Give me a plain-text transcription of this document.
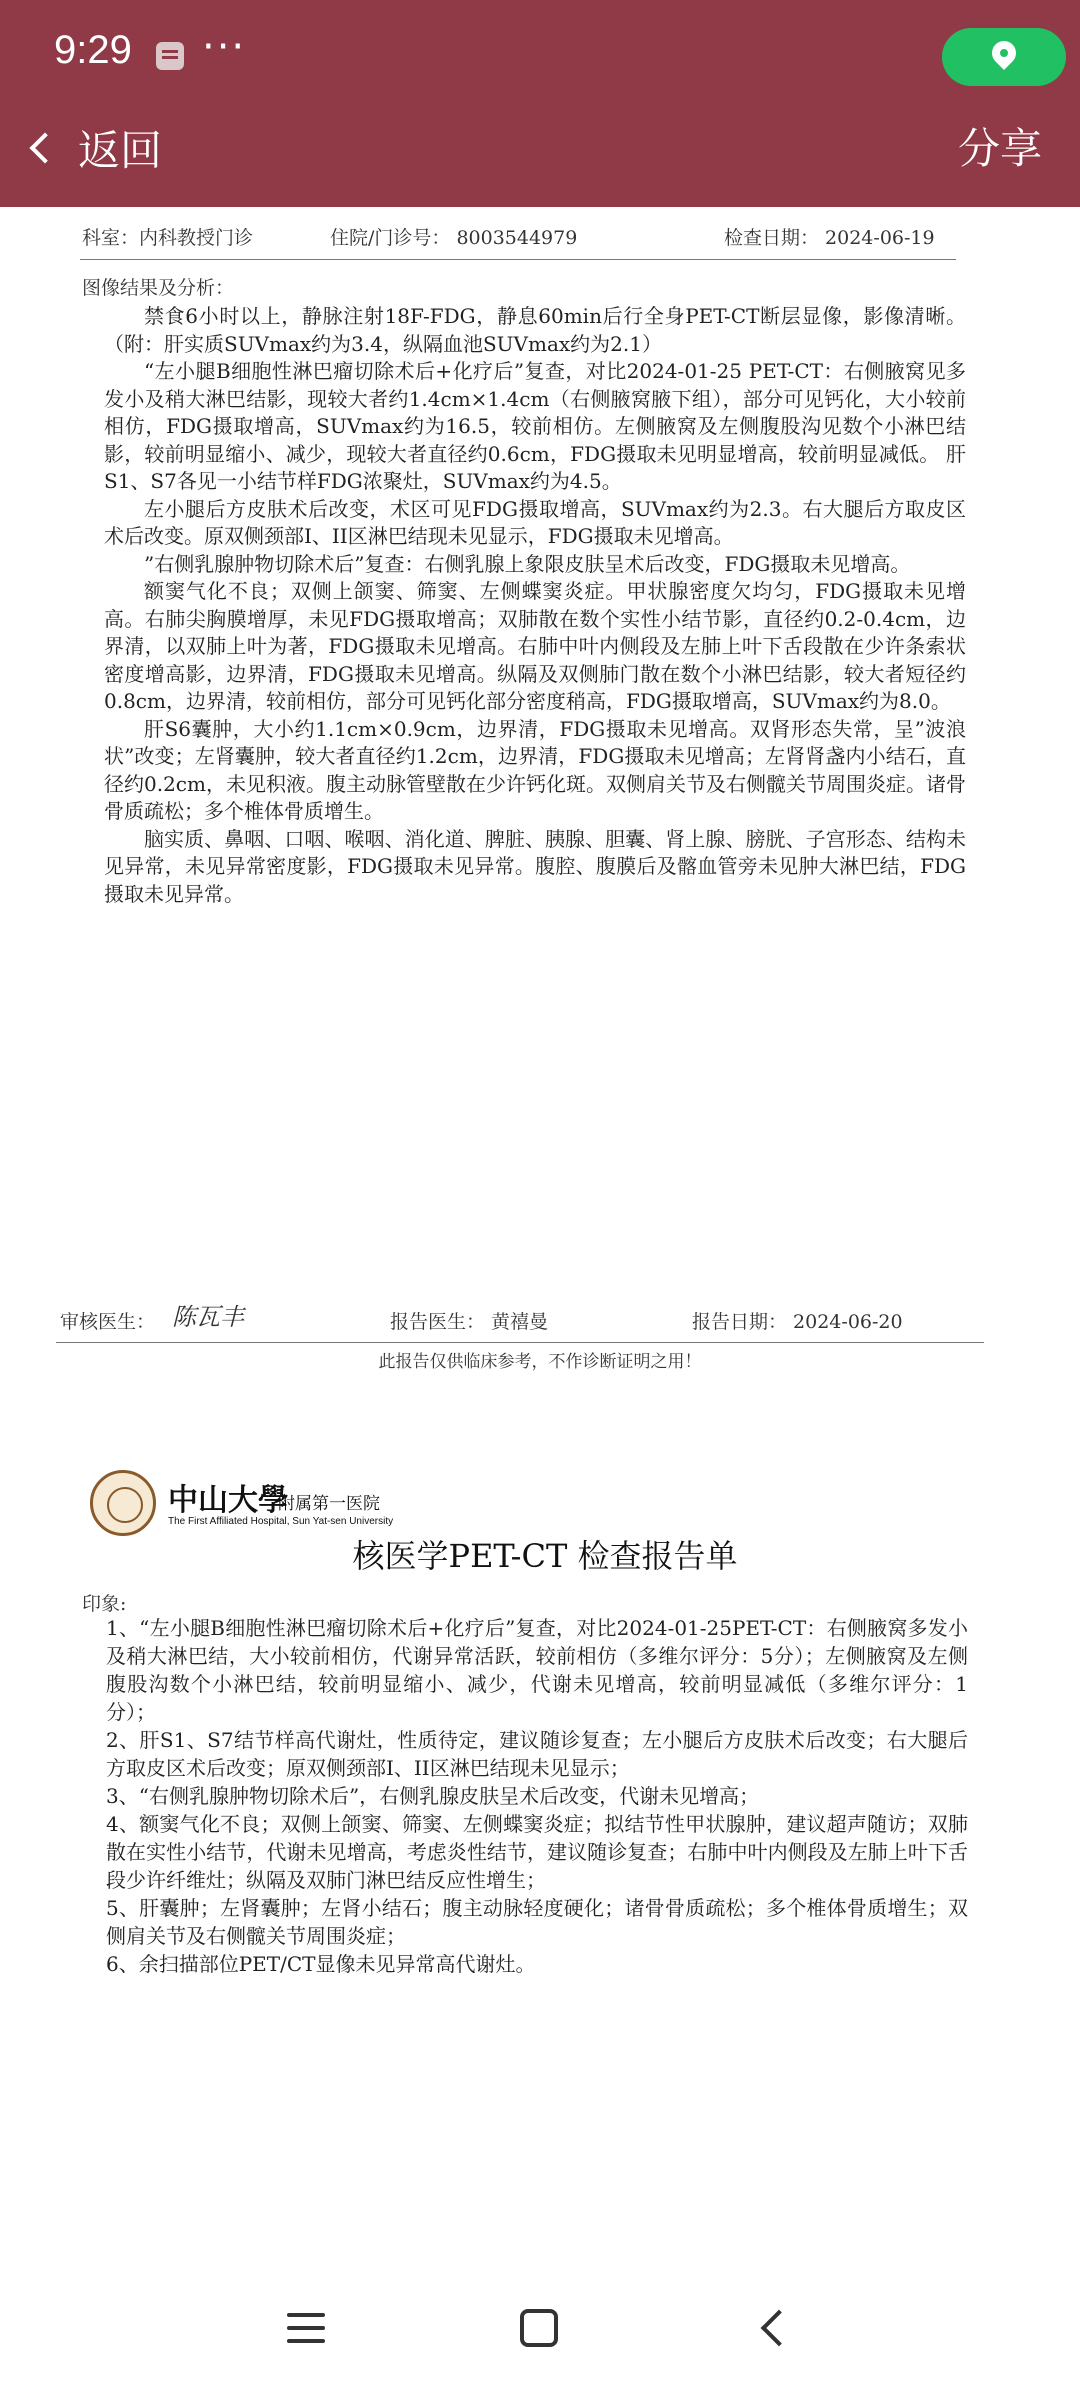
9:29 ···
返回	分享
科室：内科教授门诊	住院/门诊号： 8003544979	检查日期： 2024-06-19
图像结果及分析：

禁食6小时以上，静脉注射18F-FDG，静息60min后行全身PET-CT断层显像，影像清晰。（附：肝实质SUVmax约为3.4，纵隔血池SUVmax约为2.1）

“左小腿B细胞性淋巴瘤切除术后+化疗后”复查，对比2024-01-25 PET-CT：右侧腋窝见多发小及稍大淋巴结影，现较大者约1.4cm×1.4cm（右侧腋窝腋下组），部分可见钙化，大小较前相仿，FDG摄取增高，SUVmax约为16.5，较前相仿。左侧腋窝及左侧腹股沟见数个小淋巴结影，较前明显缩小、减少，现较大者直径约0.6cm，FDG摄取未见明显增高，较前明显减低。 肝S1、S7各见一小结节样FDG浓聚灶，SUVmax约为4.5。

左小腿后方皮肤术后改变，术区可见FDG摄取增高，SUVmax约为2.3。右大腿后方取皮区术后改变。原双侧颈部I、II区淋巴结现未见显示，FDG摄取未见增高。

”右侧乳腺肿物切除术后”复查：右侧乳腺上象限皮肤呈术后改变，FDG摄取未见增高。

额窦气化不良；双侧上颌窦、筛窦、左侧蝶窦炎症。甲状腺密度欠均匀，FDG摄取未见增高。右肺尖胸膜增厚，未见FDG摄取增高；双肺散在数个实性小结节影，直径约0.2-0.4cm，边界清，以双肺上叶为著，FDG摄取未见增高。右肺中叶内侧段及左肺上叶下舌段散在少许条索状密度增高影，边界清，FDG摄取未见增高。纵隔及双侧肺门散在数个小淋巴结影，较大者短径约0.8cm，边界清，较前相仿，部分可见钙化部分密度稍高，FDG摄取增高，SUVmax约为8.0。

肝S6囊肿，大小约1.1cm×0.9cm，边界清，FDG摄取未见增高。双肾形态失常，呈”波浪状”改变；左肾囊肿，较大者直径约1.2cm，边界清，FDG摄取未见增高；左肾肾盏内小结石，直径约0.2cm，未见积液。腹主动脉管壁散在少许钙化斑。双侧肩关节及右侧髋关节周围炎症。诸骨骨质疏松；多个椎体骨质增生。

脑实质、鼻咽、口咽、喉咽、消化道、脾脏、胰腺、胆囊、肾上腺、膀胱、子宫形态、结构未见异常，未见异常密度影，FDG摄取未见异常。腹腔、腹膜后及髂血管旁未见肿大淋巴结，FDG摄取未见异常。

审核医生： 陈瓦丰	报告医生： 黄禧曼	报告日期： 2024-06-20
此报告仅供临床参考，不作诊断证明之用！
中山大學
附属第一医院
The First Affiliated Hospital, Sun Yat-sen University
核医学PET-CT 检查报告单
印象:
1、“左小腿B细胞性淋巴瘤切除术后+化疗后”复查，对比2024-01-25PET-CT：右侧腋窝多发小及稍大淋巴结，大小较前相仿，代谢异常活跃，较前相仿（多维尔评分：5分）；左侧腋窝及左侧腹股沟数个小淋巴结，较前明显缩小、减少，代谢未见增高，较前明显减低（多维尔评分：1分）；
2、肝S1、S7结节样高代谢灶，性质待定，建议随诊复查；左小腿后方皮肤术后改变；右大腿后方取皮区术后改变；原双侧颈部I、II区淋巴结现未见显示；
3、“右侧乳腺肿物切除术后”，右侧乳腺皮肤呈术后改变，代谢未见增高；
4、额窦气化不良；双侧上颌窦、筛窦、左侧蝶窦炎症；拟结节性甲状腺肿，建议超声随访；双肺散在实性小结节，代谢未见增高，考虑炎性结节，建议随诊复查；右肺中叶内侧段及左肺上叶下舌段少许纤维灶；纵隔及双肺门淋巴结反应性增生；
5、肝囊肿；左肾囊肿；左肾小结石；腹主动脉轻度硬化；诸骨骨质疏松；多个椎体骨质增生；双侧肩关节及右侧髋关节周围炎症；
6、余扫描部位PET/CT显像未见异常高代谢灶。
